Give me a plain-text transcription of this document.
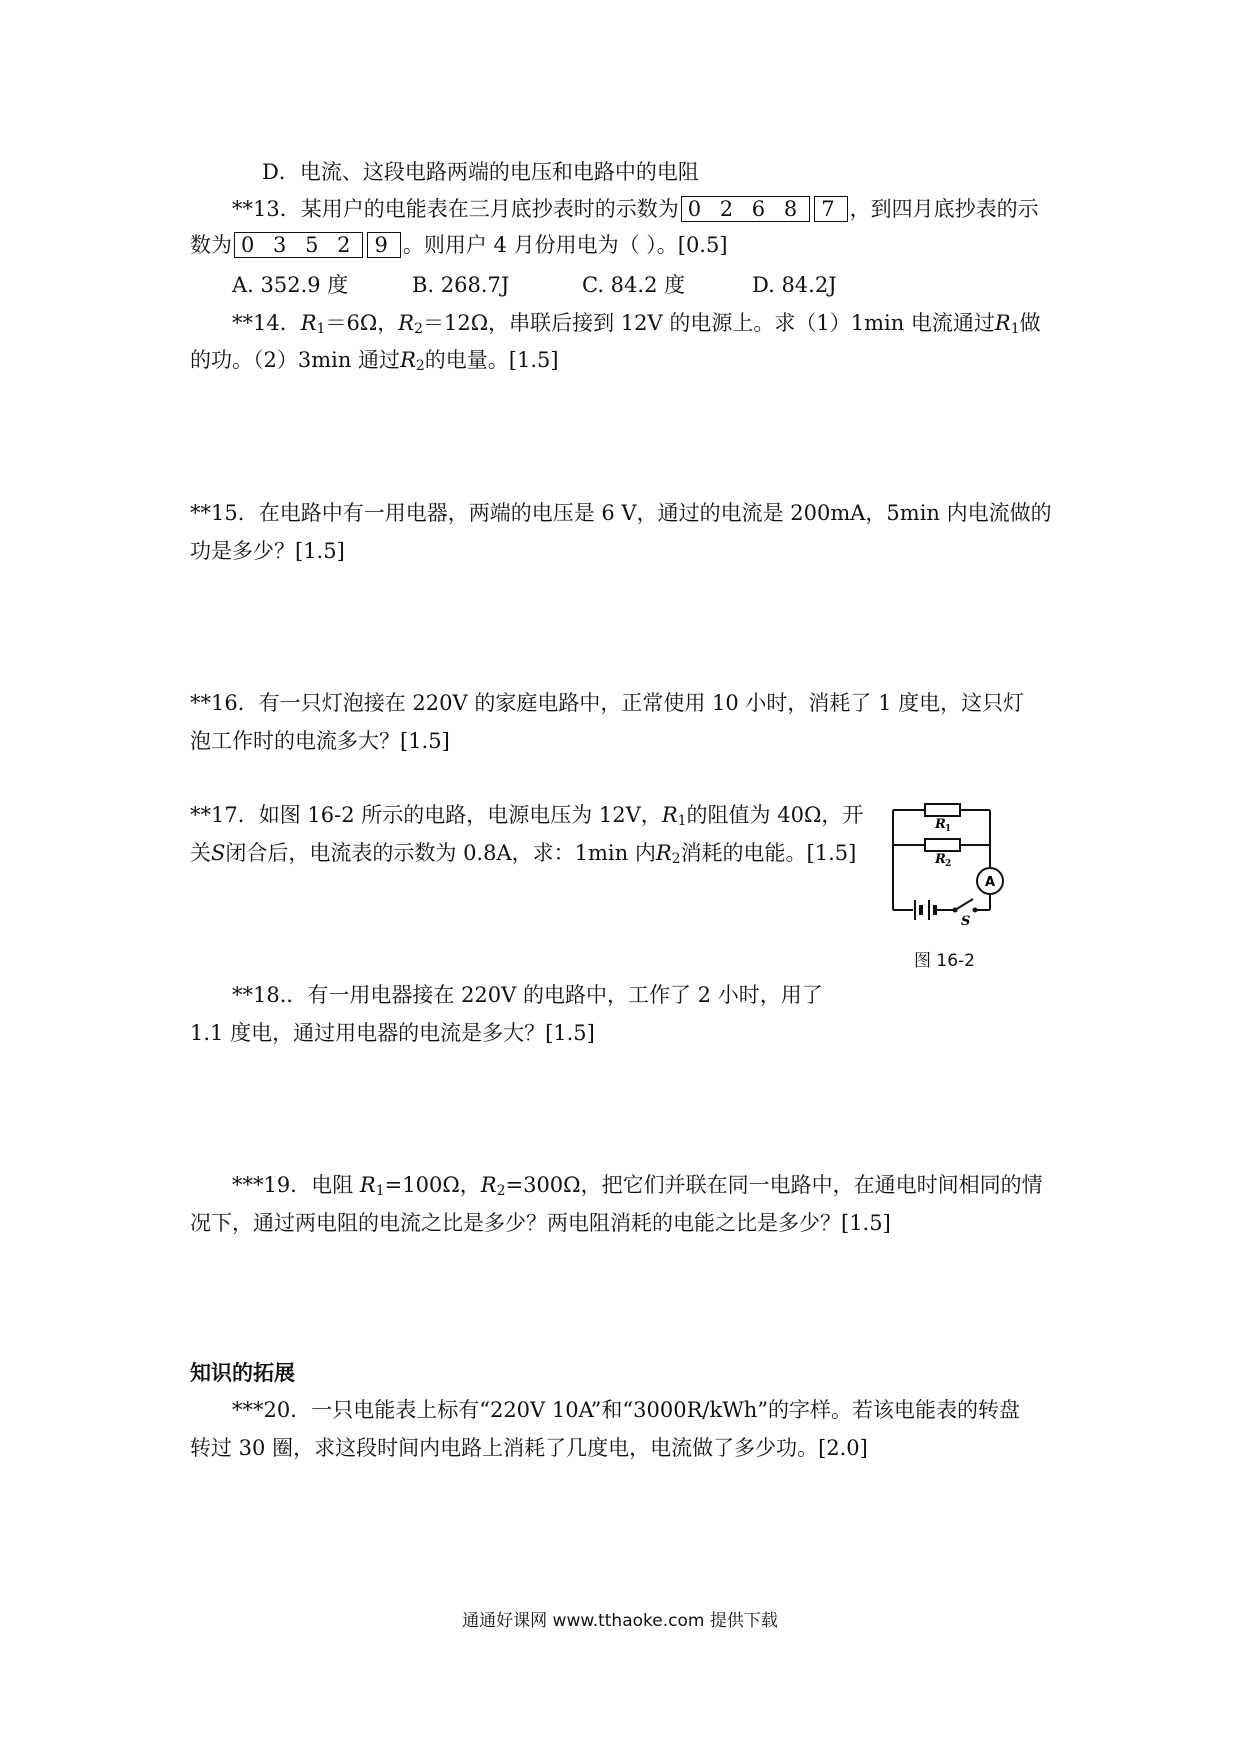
D．电流、这段电路两端的电压和电路中的电阻
**13．某用户的电能表在三月底抄表时的示数为 0 2 6 8 7 ，到四月底抄表的示
数为 0 3 5 2 9 。则用户 4 月份用电为（ ）。[0.5]
A. 352.9 度	B. 268.7J	C. 84.2 度	D. 84.2J
**14．$R_1=6\Omega$，$R_2=12\Omega$，串联后接到 12V 的电源上。求（1）1min 电流通过$R_1$做
的功。（2）3min 通过$R_2$的电量。[1.5]
**15．在电路中有一用电器，两端的电压是 6 V，通过的电流是 200mA，5min 内电流做的
功是多少？[1.5]
**16．有一只灯泡接在 220V 的家庭电路中，正常使用 10 小时，消耗了 1 度电，这只灯
泡工作时的电流多大？[1.5]
**17．如图 16-2 所示的电路，电源电压为 12V，$R_1$的阻值为 40Ω，开
关S闭合后，电流表的示数为 0.8A，求：1min 内$R_2$消耗的电能。[1.5]
R 1
R 2
A
S
图 16-2
**18.．有一用电器接在 220V 的电路中，工作了 2 小时，用了
1.1 度电，通过用电器的电流是多大？[1.5]
***19．电阻 $R_1=100\Omega$，$R_2=300\Omega$，把它们并联在同一电路中，在通电时间相同的情
况下，通过两电阻的电流之比是多少？两电阻消耗的电能之比是多少？[1.5]
知识的拓展
***20．一只电能表上标有“220V 10A”和“3000R/kWh”的字样。若该电能表的转盘
转过 30 圈，求这段时间内电路上消耗了几度电，电流做了多少功。[2.0]
通通好课网 www.tthaoke.com 提供下载
